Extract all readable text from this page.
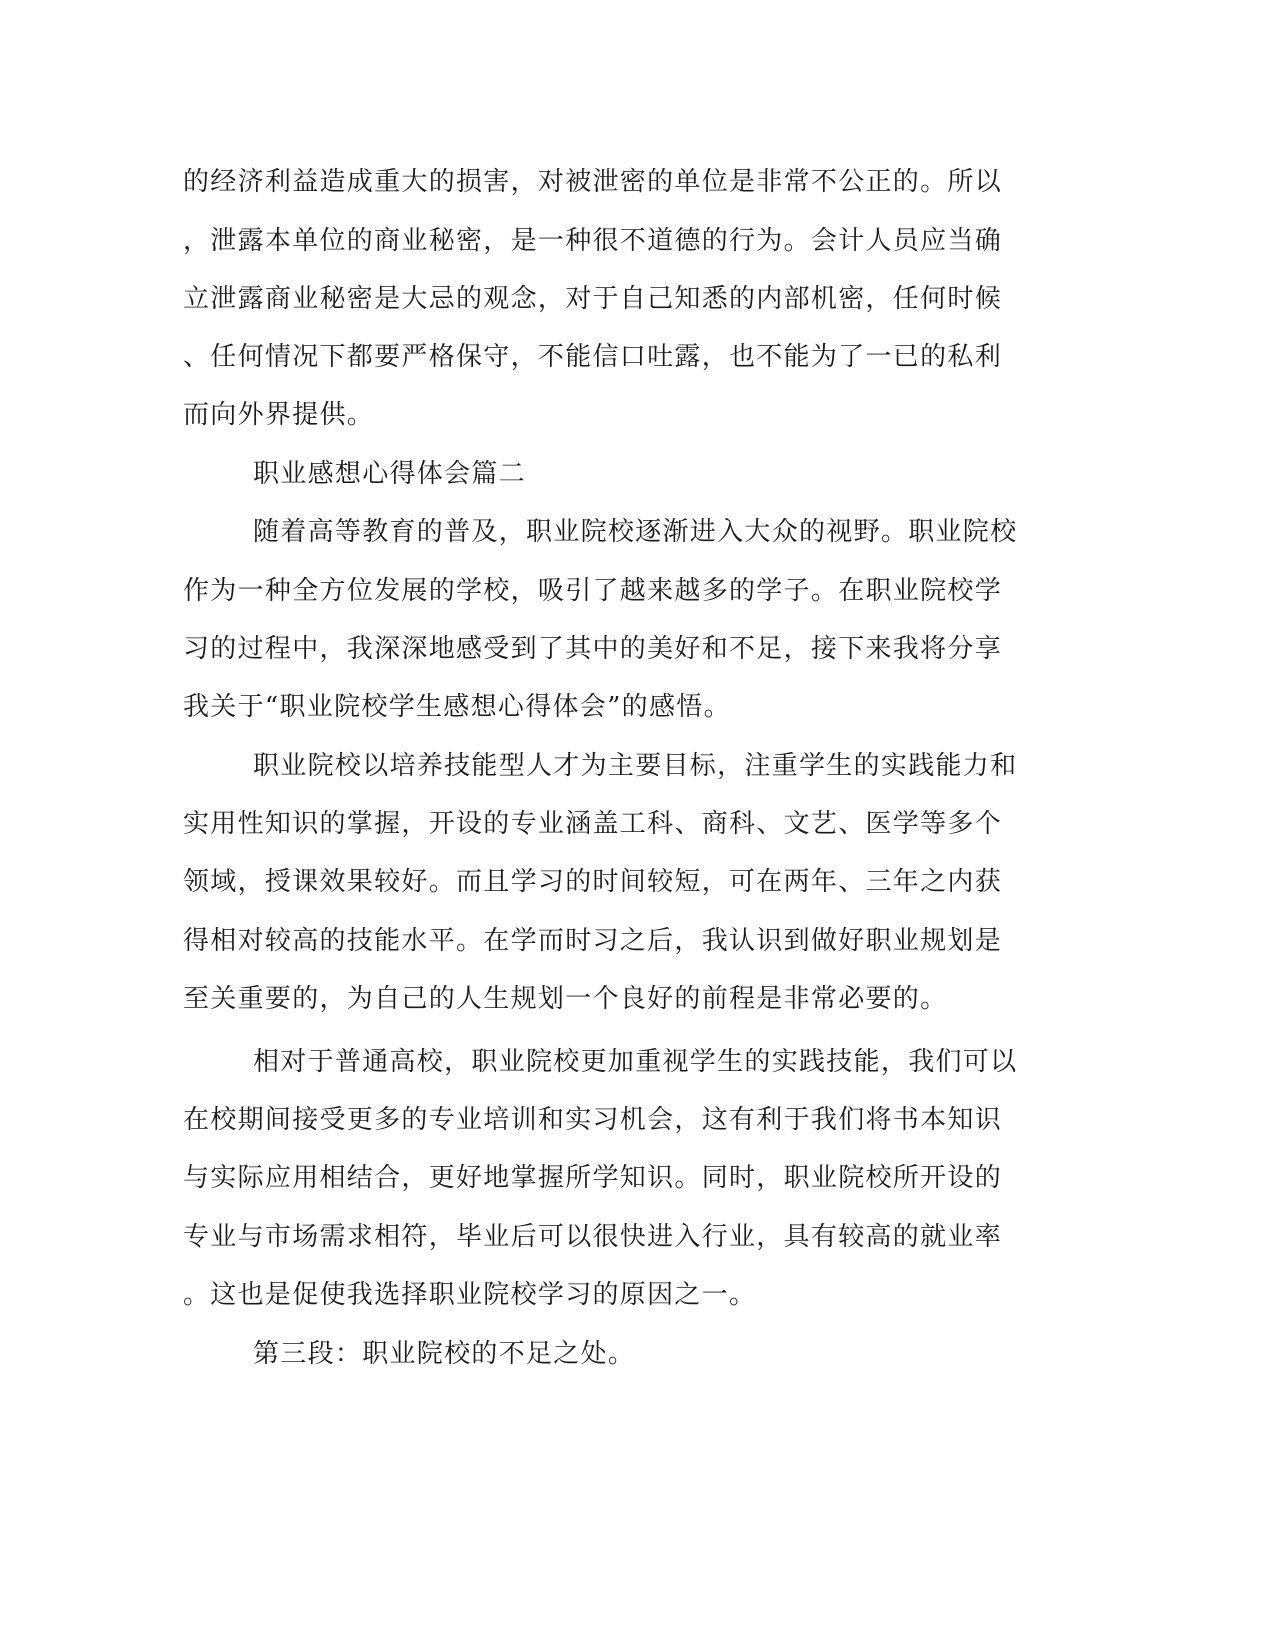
的经济利益造成重大的损害，对被泄密的单位是非常不公正的。所以
，泄露本单位的商业秘密，是一种很不道德的行为。会计人员应当确
立泄露商业秘密是大忌的观念，对于自己知悉的内部机密，任何时候
、任何情况下都要严格保守，不能信口吐露，也不能为了一已的私利
而向外界提供。
职业感想心得体会篇二
随着高等教育的普及，职业院校逐渐进入大众的视野。职业院校
作为一种全方位发展的学校，吸引了越来越多的学子。在职业院校学
习的过程中，我深深地感受到了其中的美好和不足，接下来我将分享
我关于“职业院校学生感想心得体会”的感悟。
职业院校以培养技能型人才为主要目标，注重学生的实践能力和
实用性知识的掌握，开设的专业涵盖工科、商科、文艺、医学等多个
领域，授课效果较好。而且学习的时间较短，可在两年、三年之内获
得相对较高的技能水平。在学而时习之后，我认识到做好职业规划是
至关重要的，为自己的人生规划一个良好的前程是非常必要的。
相对于普通高校，职业院校更加重视学生的实践技能，我们可以
在校期间接受更多的专业培训和实习机会，这有利于我们将书本知识
与实际应用相结合，更好地掌握所学知识。同时，职业院校所开设的
专业与市场需求相符，毕业后可以很快进入行业，具有较高的就业率
。这也是促使我选择职业院校学习的原因之一。
第三段：职业院校的不足之处。
